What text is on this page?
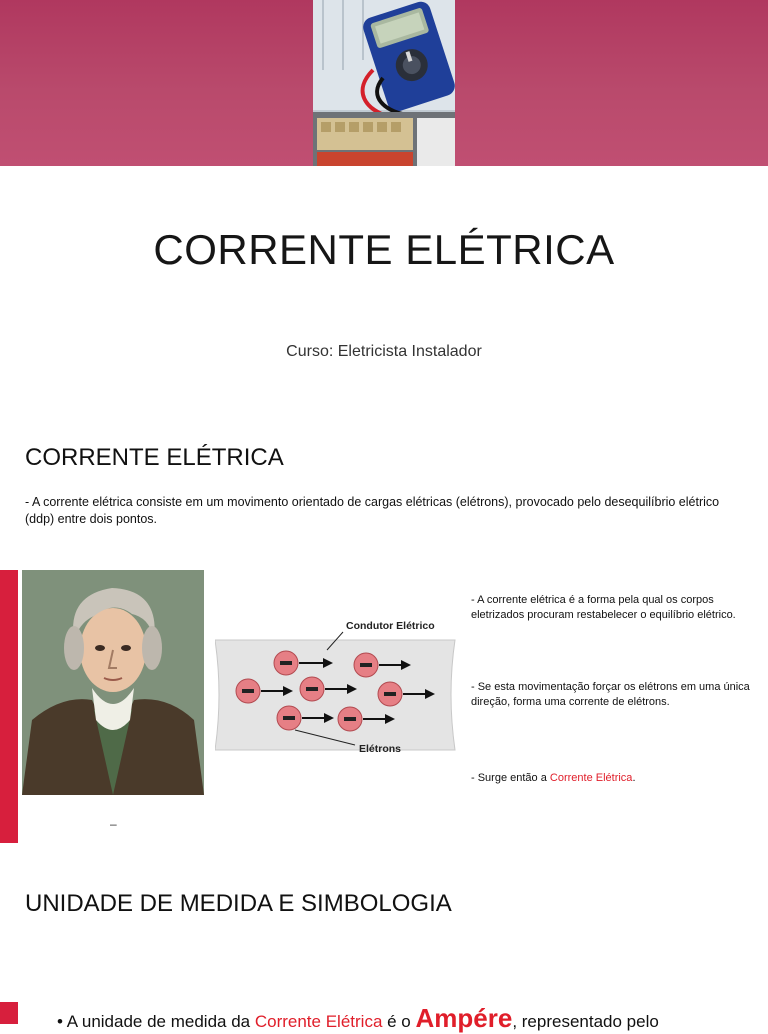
CORRENTE ELÉTRICA
Curso: Eletricista Instalador
CORRENTE ELÉTRICA
- A corrente elétrica consiste em um movimento orientado de cargas elétricas (elétrons), provocado pelo desequilíbrio elétrico (ddp) entre dois pontos.
Condutor Elétrico
Elétrons
- A corrente elétrica é a forma pela qual os corpos eletrizados procuram restabelecer o equilíbrio elétrico.
- Se esta movimentação forçar os elétrons em uma única direção, forma uma corrente de elétrons.
- Surge então a Corrente Elétrica.
–
UNIDADE DE MEDIDA E SIMBOLOGIA
• A unidade de medida da Corrente Elétrica é o Ampére, representado pelo
